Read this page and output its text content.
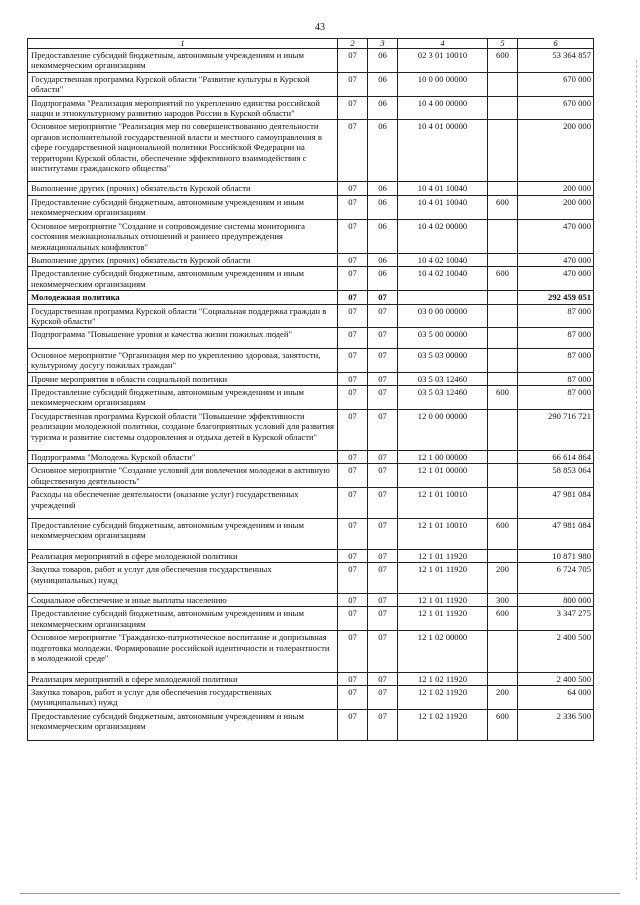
43
1	2	3	4	5	6
Предоставление субсидий бюджетным, автономным учреждениям и иным некоммерческим организациям	07	06	02 3 01 10010	600	53 364 857
Государственная программа Курской области "Развитие культуры в Курской области"	07	06	10 0 00 00000		670 000
Подпрограмма "Реализация мероприятий по укреплению единства российской нации и этнокультурному развитию народов России в Курской области"	07	06	10 4 00 00000		670 000
Основное мероприятие "Реализация мер по совершенствованию деятельности органов исполнительной государственной власти и местного самоуправления в сфере государственной национальной политики Российской Федерации на территории Курской области, обеспечение эффективного взаимодействия с институтами гражданского общества"	07	06	10 4 01 00000		200 000
Выполнение других (прочих) обязательств Курской области	07	06	10 4 01 10040		200 000
Предоставление субсидий бюджетным, автономным учреждениям и иным некоммерческим организациям	07	06	10 4 01 10040	600	200 000
Основное мероприятие "Создание и сопровождение системы мониторинга состояния межнациональных отношений и раннего предупреждения межнациональных конфликтов"	07	06	10 4 02 00000		470 000
Выполнение других (прочих) обязательств Курской области	07	06	10 4 02 10040		470 000
Предоставление субсидий бюджетным, автономным учреждениям и иным некоммерческим организациям	07	06	10 4 02 10040	600	470 000
Молодежная политика	07	07			292 459 051
Государственная программа Курской области "Социальная поддержка граждан в Курской области"	07	07	03 0 00 00000		87 000
Подпрограмма "Повышение уровня и качества жизни пожилых людей"	07	07	03 5 00 00000		87 000
Основное мероприятие "Организация мер по укреплению здоровья, занятости, культурному досугу пожилых граждан"	07	07	03 5 03 00000		87 000
Прочие мероприятия в области социальной политики	07	07	03 5 03 12460		87 000
Предоставление субсидий бюджетным, автономным учреждениям и иным некоммерческим организациям	07	07	03 5 03 12460	600	87 000
Государственная программа Курской области "Повышение эффективности реализации молодежной политики, создание благоприятных условий для развития туризма и развитие системы оздоровления и отдыха детей в Курской области"	07	07	12 0 00 00000		290 716 721
Подпрограмма "Молодежь Курской области"	07	07	12 1 00 00000		66 614 864
Основное мероприятие "Создание условий для вовлечения молодежи в активную общественную деятельность"	07	07	12 1 01 00000		58 853 064
Расходы на обеспечение деятельности (оказание услуг) государственных учреждений	07	07	12 1 01 10010		47 981 084
Предоставление субсидий бюджетным, автономным учреждениям и иным некоммерческим организациям	07	07	12 1 01 10010	600	47 981 084
Реализация мероприятий в сфере молодежной политики	07	07	12 1 01 11920		10 871 980
Закупка товаров, работ и услуг для обеспечения государственных (муниципальных) нужд	07	07	12 1 01 11920	200	6 724 705
Социальное обеспечение и иные выплаты населению	07	07	12 1 01 11920	300	800 000
Предоставление субсидий бюджетным, автономным учреждениям и иным некоммерческим организациям	07	07	12 1 01 11920	600	3 347 275
Основное мероприятие "Гражданско-патриотическое воспитание и допризывная подготовка молодежи. Формирование российской идентичности и толерантности в молодежной среде"	07	07	12 1 02 00000		2 400 500
Реализация мероприятий в сфере молодежной политики	07	07	12 1 02 11920		2 400 500
Закупка товаров, работ и услуг для обеспечения государственных (муниципальных) нужд	07	07	12 1 02 11920	200	64 000
Предоставление субсидий бюджетным, автономным учреждениям и иным некоммерческим организациям	07	07	12 1 02 11920	600	2 336 500
